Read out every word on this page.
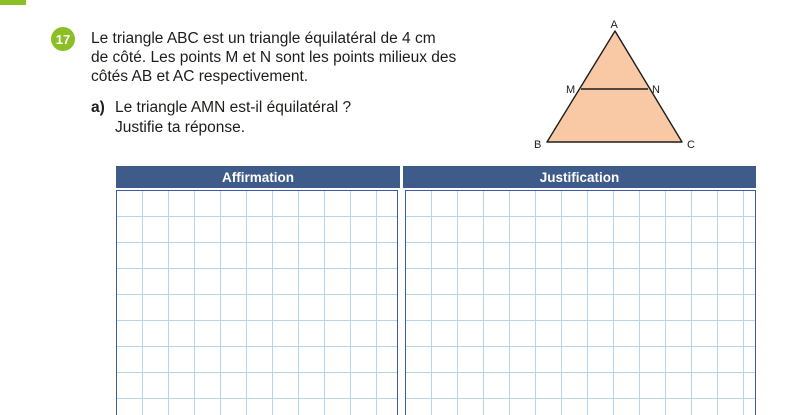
17 Le triangle ABC est un triangle équilatéral de 4 cm
de côté. Les points M et N sont les points milieux des
côtés AB et AC respectivement.

a) Le triangle AMN est-il équilatéral ?
Justifie ta réponse.
A
M	N
B	C
Affirmation	Justification
